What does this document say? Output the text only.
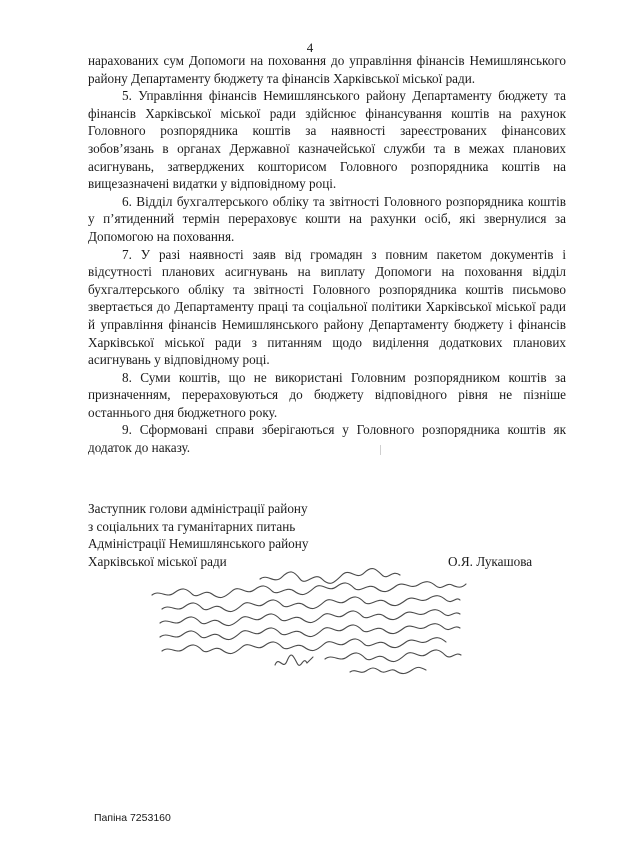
4

нарахованих сум Допомоги на поховання до управління фінансів Немишлянського району Департаменту бюджету та фінансів Харківської міської ради.

5. Управління фінансів Немишлянського району Департаменту бюджету та фінансів Харківської міської ради здійснює фінансування коштів на рахунок Головного розпорядника коштів за наявності зареєстрованих фінансових зобов’язань в органах Державної казначейської служби та в межах планових асигнувань, затверджених кошторисом Головного розпорядника коштів на вищезазначені видатки у відповідному році.

6. Відділ бухгалтерського обліку та звітності Головного розпорядника коштів у п’ятиденний термін перераховує кошти на рахунки осіб, які звернулися за Допомогою на поховання.

7. У разі наявності заяв від громадян з повним пакетом документів і відсутності планових асигнувань на виплату Допомоги на поховання відділ бухгалтерського обліку та звітності Головного розпорядника коштів письмово звертається до Департаменту праці та соціальної політики Харківської міської ради й управління фінансів Немишлянського району Департаменту бюджету і фінансів Харківської міської ради з питанням щодо виділення додаткових планових асигнувань у відповідному році.

8. Суми коштів, що не використані Головним розпорядником коштів за призначенням, перераховуються до бюджету відповідного рівня не пізніше останнього дня бюджетного року.

9. Сформовані справи зберігаються у Головного розпорядника коштів як додаток до наказу.

Заступник голови адміністрації району
з соціальних та гуманітарних питань
Адміністрації Немишлянського району
Харківської міської ради	О.Я. Лукашова
Папіна 7253160
